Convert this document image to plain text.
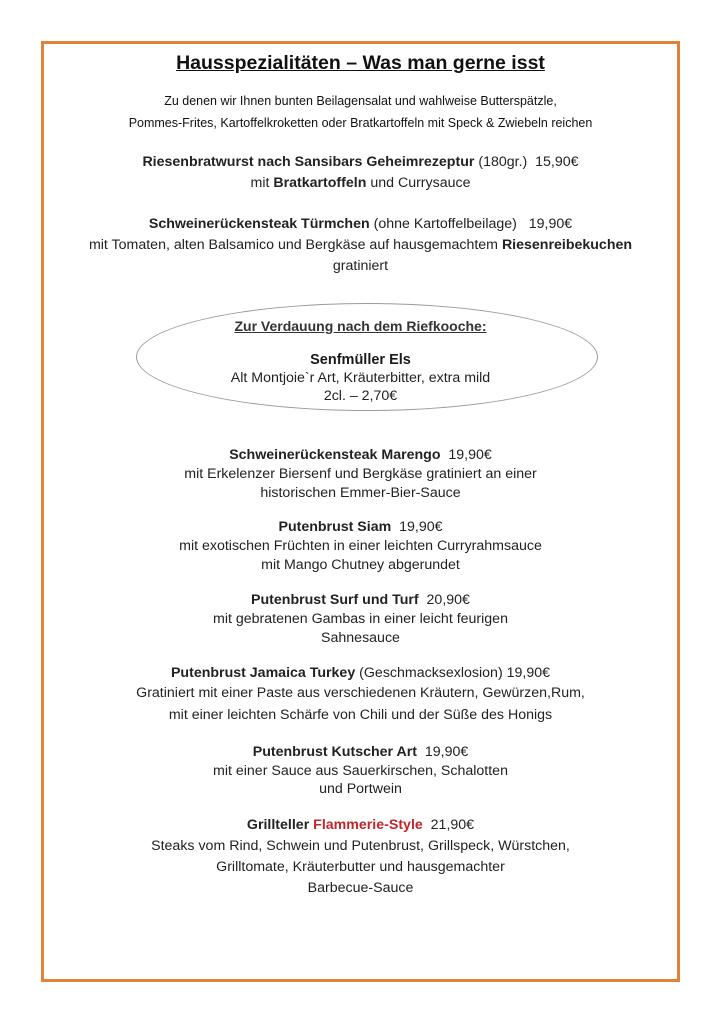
Hausspezialitäten – Was man gerne isst
Zu denen wir Ihnen bunten Beilagensalat und wahlweise Butterspätzle,
Pommes-Frites, Kartoffelkroketten oder Bratkartoffeln mit Speck & Zwiebeln reichen
Riesenbratwurst nach Sansibars Geheimrezeptur (180gr.) 15,90€
mit Bratkartoffeln und Currysauce
Schweinerückensteak Türmchen (ohne Kartoffelbeilage) 19,90€
mit Tomaten, alten Balsamico und Bergkäse auf hausgemachtem Riesenreibekuchen
gratiniert
Zur Verdauung nach dem Riefkooche:
Senfmüller Els
Alt Montjoie`r Art, Kräuterbitter, extra mild
2cl. – 2,70€
Schweinerückensteak Marengo 19,90€
mit Erkelenzer Biersenf und Bergkäse gratiniert an einer
historischen Emmer-Bier-Sauce
Putenbrust Siam 19,90€
mit exotischen Früchten in einer leichten Curryrahmsauce
mit Mango Chutney abgerundet
Putenbrust Surf und Turf 20,90€
mit gebratenen Gambas in einer leicht feurigen
Sahnesauce
Putenbrust Jamaica Turkey (Geschmacksexlosion) 19,90€
Gratiniert mit einer Paste aus verschiedenen Kräutern, Gewürzen,Rum,
mit einer leichten Schärfe von Chili und der Süße des Honigs
Putenbrust Kutscher Art 19,90€
mit einer Sauce aus Sauerkirschen, Schalotten
und Portwein
Grillteller Flammerie-Style 21,90€
Steaks vom Rind, Schwein und Putenbrust, Grillspeck, Würstchen,
Grilltomate, Kräuterbutter und hausgemachter
Barbecue-Sauce
